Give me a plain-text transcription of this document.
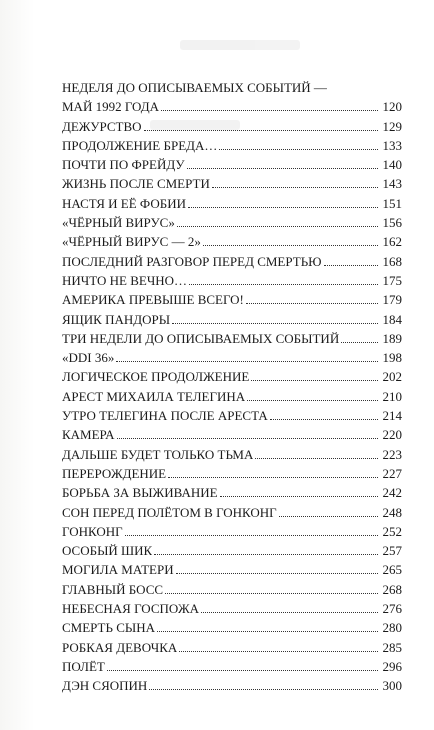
НЕДЕЛЯ ДО ОПИСЫВАЕМЫХ СОБЫТИЙ —
МАЙ 1992 ГОДА	120
ДЕЖУРСТВО	129
ПРОДОЛЖЕНИЕ БРЕДА…	133
ПОЧТИ ПО ФРЕЙДУ	140
ЖИЗНЬ ПОСЛЕ СМЕРТИ	143
НАСТЯ И ЕЁ ФОБИИ	151
«ЧЁРНЫЙ ВИРУС»	156
«ЧЁРНЫЙ ВИРУС — 2»	162
ПОСЛЕДНИЙ РАЗГОВОР ПЕРЕД СМЕРТЬЮ	168
НИЧТО НЕ ВЕЧНО…	175
АМЕРИКА ПРЕВЫШЕ ВСЕГО!	179
ЯЩИК ПАНДОРЫ	184
ТРИ НЕДЕЛИ ДО ОПИСЫВАЕМЫХ СОБЫТИЙ	189
«DDI 36»	198
ЛОГИЧЕСКОЕ ПРОДОЛЖЕНИЕ	202
АРЕСТ МИХАИЛА ТЕЛЕГИНА	210
УТРО ТЕЛЕГИНА ПОСЛЕ АРЕСТА	214
КАМЕРА	220
ДАЛЬШЕ БУДЕТ ТОЛЬКО ТЬМА	223
ПЕРЕРОЖДЕНИЕ	227
БОРЬБА ЗА ВЫЖИВАНИЕ	242
СОН ПЕРЕД ПОЛЁТОМ В ГОНКОНГ	248
ГОНКОНГ	252
ОСОБЫЙ ШИК	257
МОГИЛА МАТЕРИ	265
ГЛАВНЫЙ БОСС	268
НЕБЕСНАЯ ГОСПОЖА	276
СМЕРТЬ СЫНА	280
РОБКАЯ ДЕВОЧКА	285
ПОЛЁТ	296
ДЭН СЯОПИН	300
